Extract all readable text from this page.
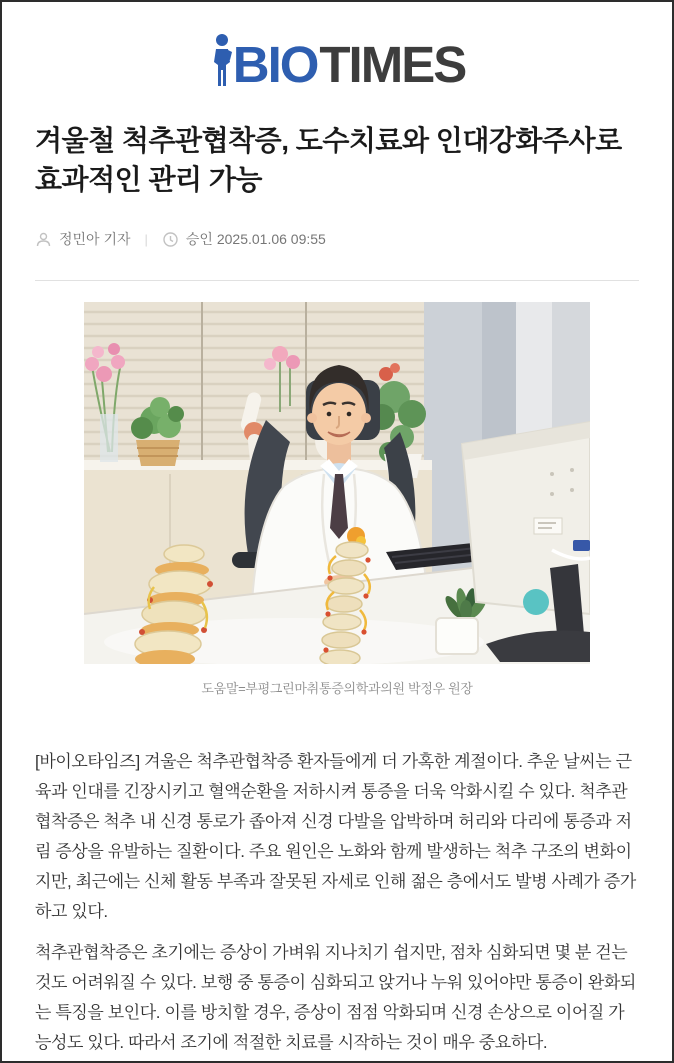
BIO TIMES
겨울철 척추관협착증, 도수치료와 인대강화주사로 효과적인 관리 가능
정민아 기자 |	승인 2025.01.06 09:55
도움말=부평그린마취통증의학과의원 박정우 원장

[바이오타임즈] 겨울은 척추관협착증 환자들에게 더 가혹한 계절이다. 추운 날씨는 근육과 인대를 긴장시키고 혈액순환을 저하시켜 통증을 더욱 악화시킬 수 있다. 척추관협착증은 척추 내 신경 통로가 좁아져 신경 다발을 압박하며 허리와 다리에 통증과 저림 증상을 유발하는 질환이다. 주요 원인은 노화와 함께 발생하는 척추 구조의 변화이지만, 최근에는 신체 활동 부족과 잘못된 자세로 인해 젊은 층에서도 발병 사례가 증가하고 있다.

척추관협착증은 초기에는 증상이 가벼워 지나치기 쉽지만, 점차 심화되면 몇 분 걷는 것도 어려워질 수 있다. 보행 중 통증이 심화되고 앉거나 누워 있어야만 통증이 완화되는 특징을 보인다. 이를 방치할 경우, 증상이 점점 악화되며 신경 손상으로 이어질 가능성도 있다. 따라서 조기에 적절한 치료를 시작하는 것이 매우 중요하다.
